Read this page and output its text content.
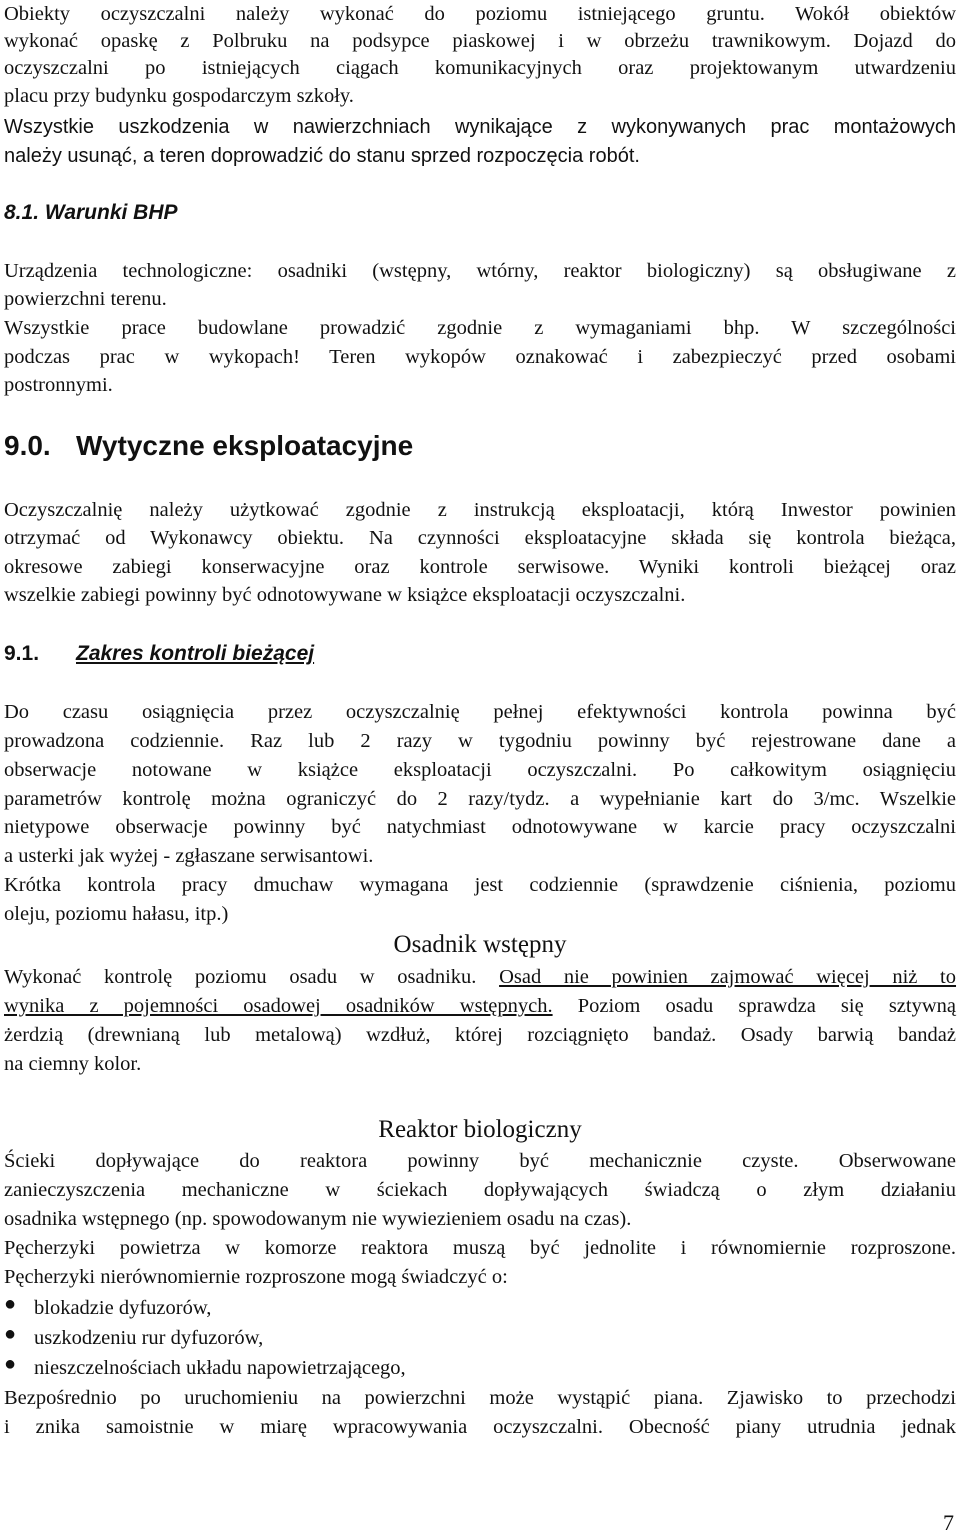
Obiekty oczyszczalni należy wykonać do poziomu istniejącego gruntu. Wokół obiektów
wykonać opaskę z Polbruku na podsypce piaskowej i w obrzeżu trawnikowym. Dojazd do
oczyszczalni po istniejących ciągach komunikacyjnych oraz projektowanym utwardzeniu
placu przy budynku gospodarczym szkoły.
Wszystkie uszkodzenia w nawierzchniach wynikające z wykonywanych prac montażowych
należy usunąć, a teren doprowadzić do stanu sprzed rozpoczęcia robót.
8.1. Warunki BHP
Urządzenia technologiczne: osadniki (wstępny, wtórny, reaktor biologiczny) są obsługiwane z
powierzchni terenu.
Wszystkie prace budowlane prowadzić zgodnie z wymaganiami bhp. W szczególności
podczas prac w wykopach! Teren wykopów oznakować i zabezpieczyć przed osobami
postronnymi.
9.0. Wytyczne eksploatacyjne
Oczyszczalnię należy użytkować zgodnie z instrukcją eksploatacji, którą Inwestor powinien
otrzymać od Wykonawcy obiektu. Na czynności eksploatacyjne składa się kontrola bieżąca,
okresowe zabiegi konserwacyjne oraz kontrole serwisowe. Wyniki kontroli bieżącej oraz
wszelkie zabiegi powinny być odnotowywane w książce eksploatacji oczyszczalni.
9.1. Zakres kontroli bieżącej
Do czasu osiągnięcia przez oczyszczalnię pełnej efektywności kontrola powinna być
prowadzona codziennie. Raz lub 2 razy w tygodniu powinny być rejestrowane dane a
obserwacje notowane w książce eksploatacji oczyszczalni. Po całkowitym osiągnięciu
parametrów kontrolę można ograniczyć do 2 razy/tydz. a wypełnianie kart do 3/mc. Wszelkie
nietypowe obserwacje powinny być natychmiast odnotowywane w karcie pracy oczyszczalni
a usterki jak wyżej - zgłaszane serwisantowi.
Krótka kontrola pracy dmuchaw wymagana jest codziennie (sprawdzenie ciśnienia, poziomu
oleju, poziomu hałasu, itp.)
Osadnik wstępny
Wykonać kontrolę poziomu osadu w osadniku. Osad nie powinien zajmować więcej niż to
wynika z pojemności osadowej osadników wstępnych. Poziom osadu sprawdza się sztywną
żerdzią (drewnianą lub metalową) wzdłuż, której rozciągnięto bandaż. Osady barwią bandaż
na ciemny kolor.
Reaktor biologiczny
Ścieki dopływające do reaktora powinny być mechanicznie czyste. Obserwowane
zanieczyszczenia mechaniczne w ściekach dopływających świadczą o złym działaniu
osadnika wstępnego (np. spowodowanym nie wywiezieniem osadu na czas).
Pęcherzyki powietrza w komorze reaktora muszą być jednolite i równomiernie rozproszone.
Pęcherzyki nierównomiernie rozproszone mogą świadczyć o:
● blokadzie dyfuzorów,
● uszkodzeniu rur dyfuzorów,
● nieszczelnościach układu napowietrzającego,
Bezpośrednio po uruchomieniu na powierzchni może wystąpić piana. Zjawisko to przechodzi
i znika samoistnie w miarę wpracowywania oczyszczalni. Obecność piany utrudnia jednak
7
